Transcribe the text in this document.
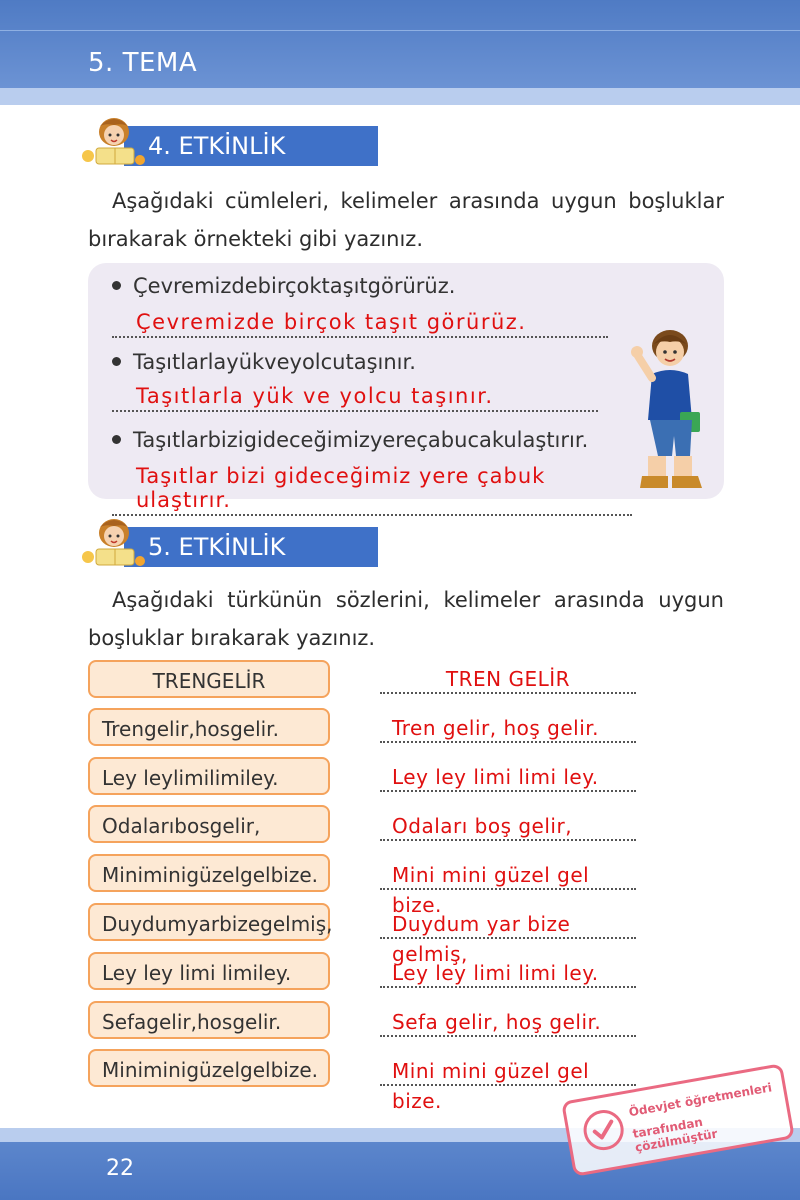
5. TEMA
4. ETKİNLİK
Aşağıdaki cümleleri, kelimeler arasında uygun boşluklar bırakarak örnekteki gibi yazınız.
Çevremizdebirçoktaşıtgörürüz.
Çevremizde birçok taşıt görürüz.
Taşıtlarlayükveyolcutaşınır.
Taşıtlarla yük ve yolcu taşınır.
Taşıtlarbizigideceğimizyereçabucakulaştırır.
Taşıtlar bizi gideceğimiz yere çabuk ulaştırır.
5. ETKİNLİK
Aşağıdaki türkünün sözlerini, kelimeler arasında uygun boşluklar bırakarak yazınız.
TRENGELİR	TREN GELİR
Trengelir,hosgelir.	Tren gelir, hoş gelir.
Ley leylimilimiley.	Ley ley limi limi ley.
Odalarıbosgelir,	Odaları boş gelir,
Miniminigüzelgelbize.	Mini mini güzel gel bize.
Duydumyarbizegelmiş,	Duydum yar bize gelmiş,
Ley ley limi limiley.	Ley ley limi limi ley.
Sefagelir,hosgelir.	Sefa gelir, hoş gelir.
Miniminigüzelgelbize.	Mini mini güzel gel bize.
22
Ödevjet öğretmenleri
tarafından çözülmüştür
